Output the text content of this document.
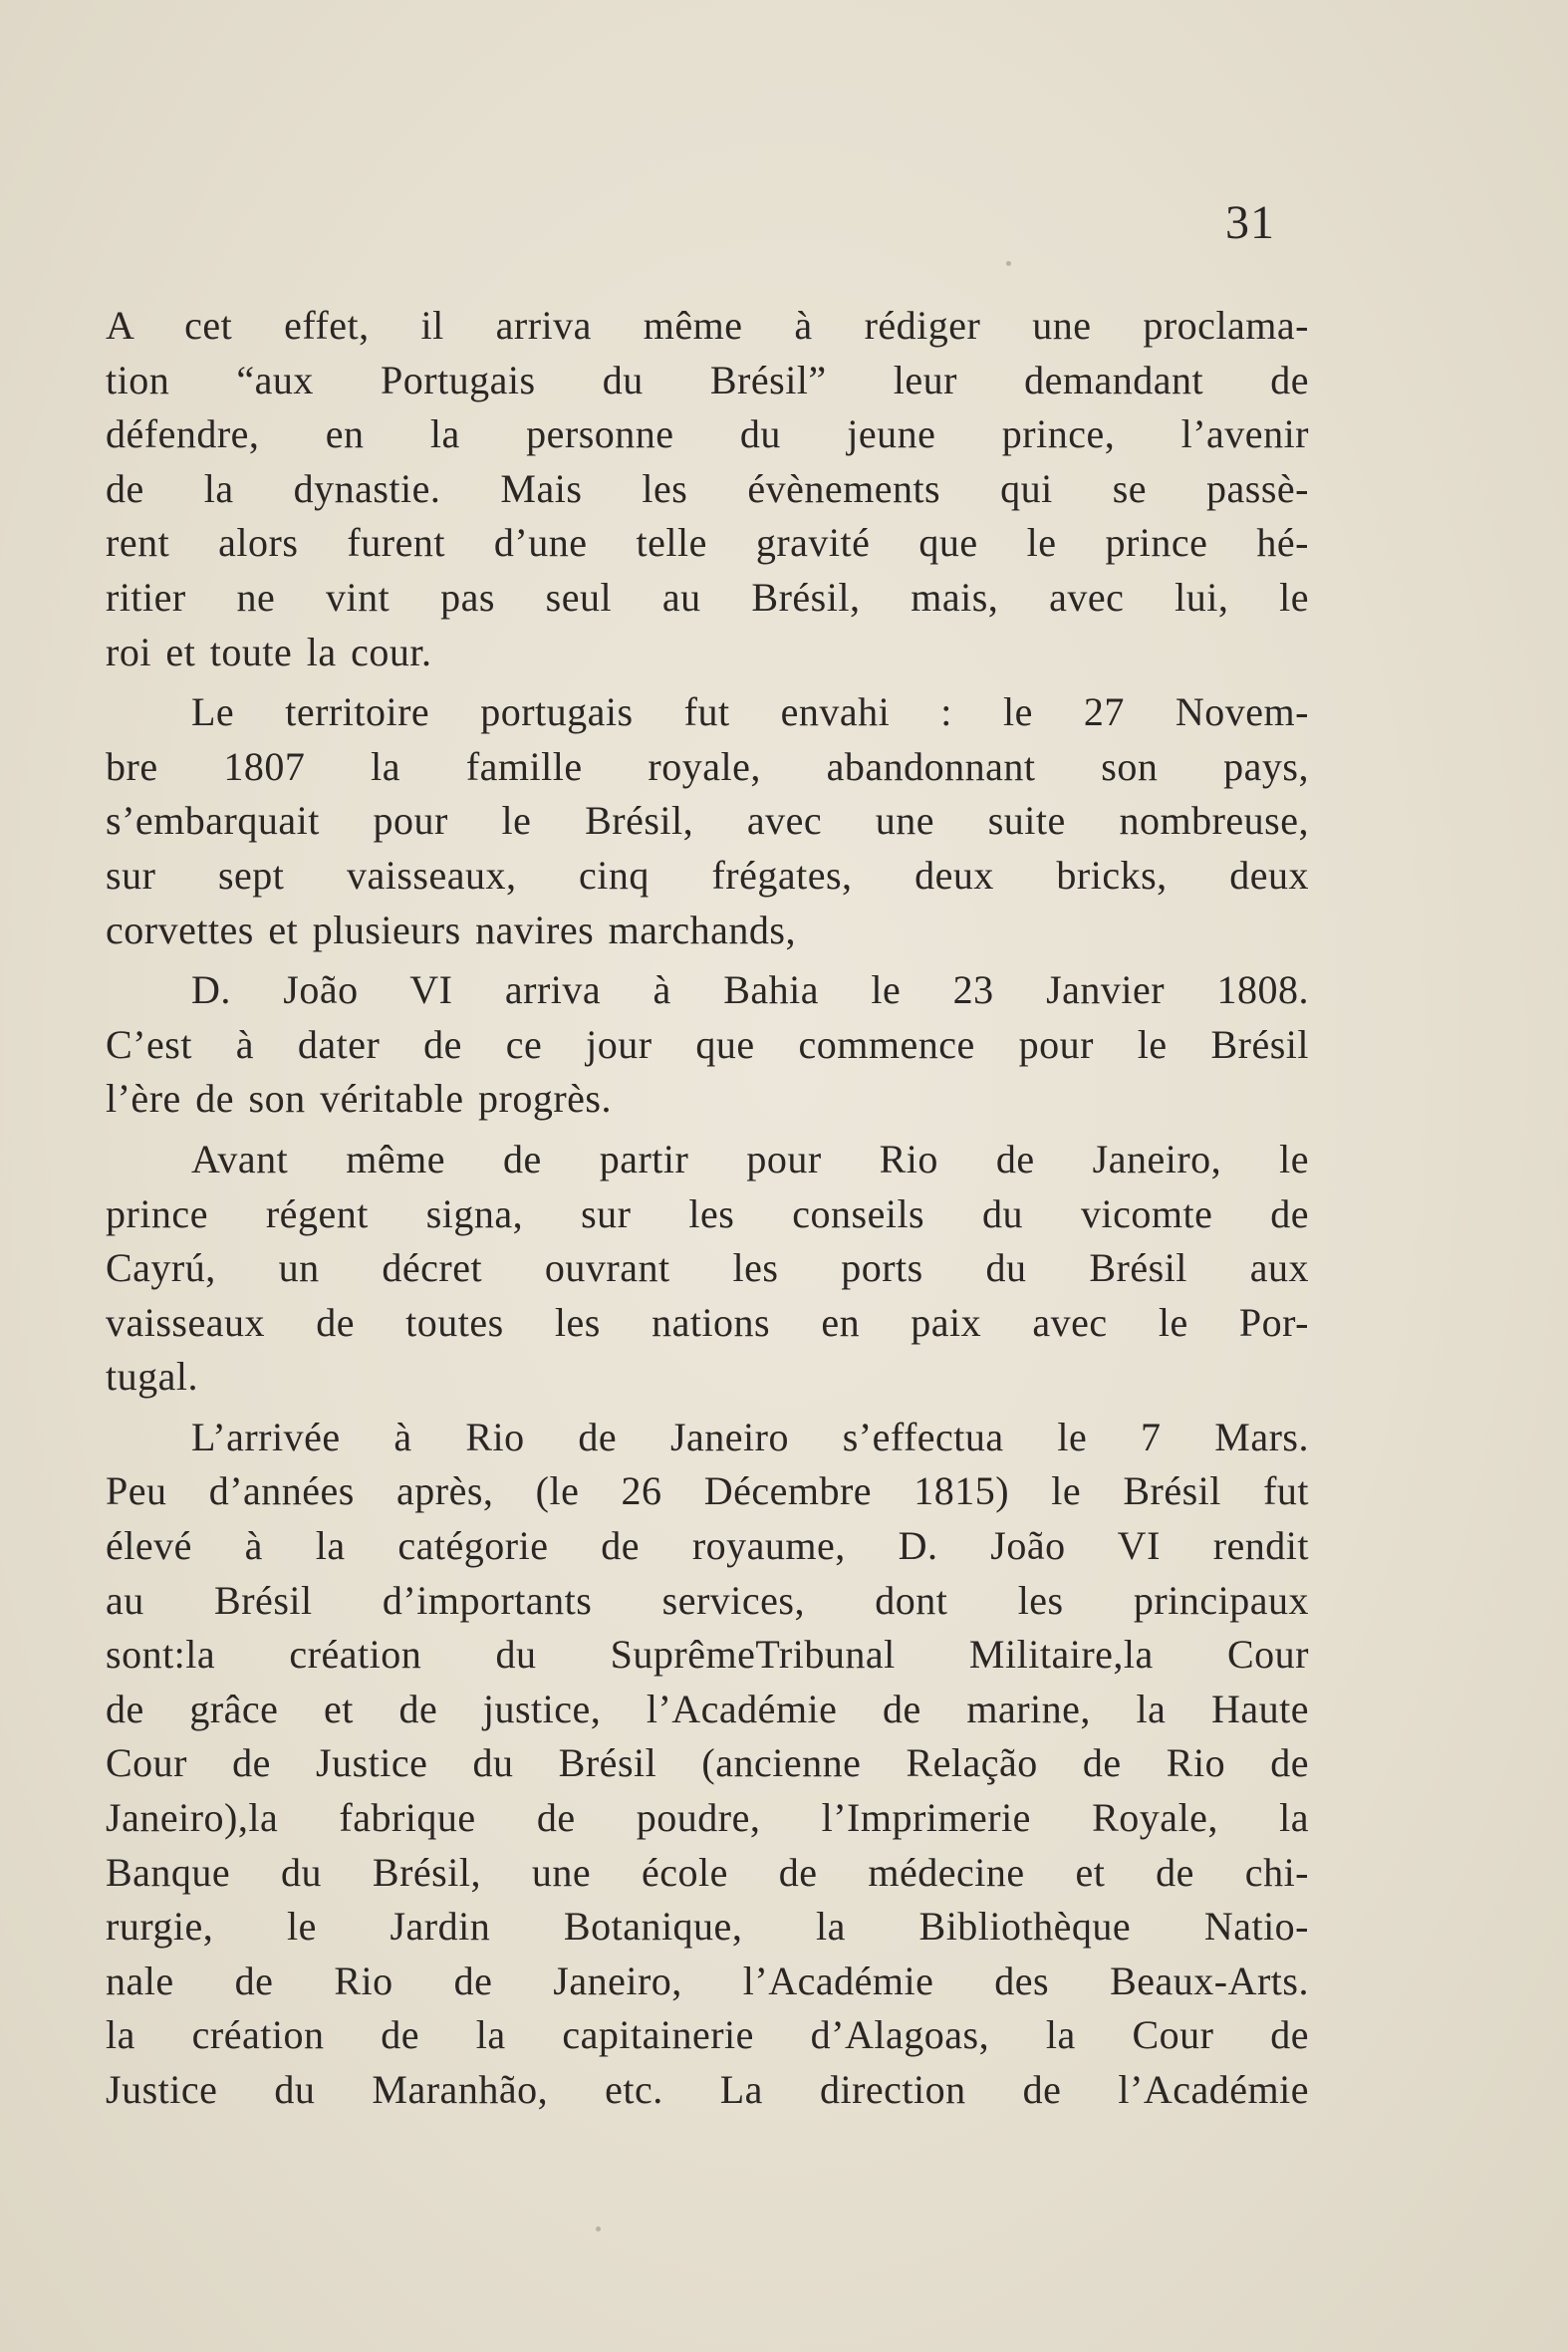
31
A cet effet, il arriva même à rédiger une proclama-
tion “aux Portugais du Brésil” leur demandant de
défendre, en la personne du jeune prince, l’avenir
de la dynastie. Mais les évènements qui se passè-
rent alors furent d’une telle gravité que le prince hé-
ritier ne vint pas seul au Brésil, mais, avec lui, le
roi et toute la cour.
Le territoire portugais fut envahi : le 27 Novem-
bre 1807 la famille royale, abandonnant son pays,
s’embarquait pour le Brésil, avec une suite nombreuse,
sur sept vaisseaux, cinq frégates, deux bricks, deux
corvettes et plusieurs navires marchands,
D. João VI arriva à Bahia le 23 Janvier 1808.
C’est à dater de ce jour que commence pour le Brésil
l’ère de son véritable progrès.
Avant même de partir pour Rio de Janeiro, le
prince régent signa, sur les conseils du vicomte de
Cayrú, un décret ouvrant les ports du Brésil aux
vaisseaux de toutes les nations en paix avec le Por-
tugal.
L’arrivée à Rio de Janeiro s’effectua le 7 Mars.
Peu d’années après, (le 26 Décembre 1815) le Brésil fut
élevé à la catégorie de royaume, D. João VI rendit
au Brésil d’importants services, dont les principaux
sont:la création du SuprêmeTribunal Militaire,la Cour
de grâce et de justice, l’Académie de marine, la Haute
Cour de Justice du Brésil (ancienne Relação de Rio de
Janeiro),la fabrique de poudre, l’Imprimerie Royale, la
Banque du Brésil, une école de médecine et de chi-
rurgie, le Jardin Botanique, la Bibliothèque Natio-
nale de Rio de Janeiro, l’Académie des Beaux-Arts.
la création de la capitainerie d’Alagoas, la Cour de
Justice du Maranhão, etc. La direction de l’Académie
